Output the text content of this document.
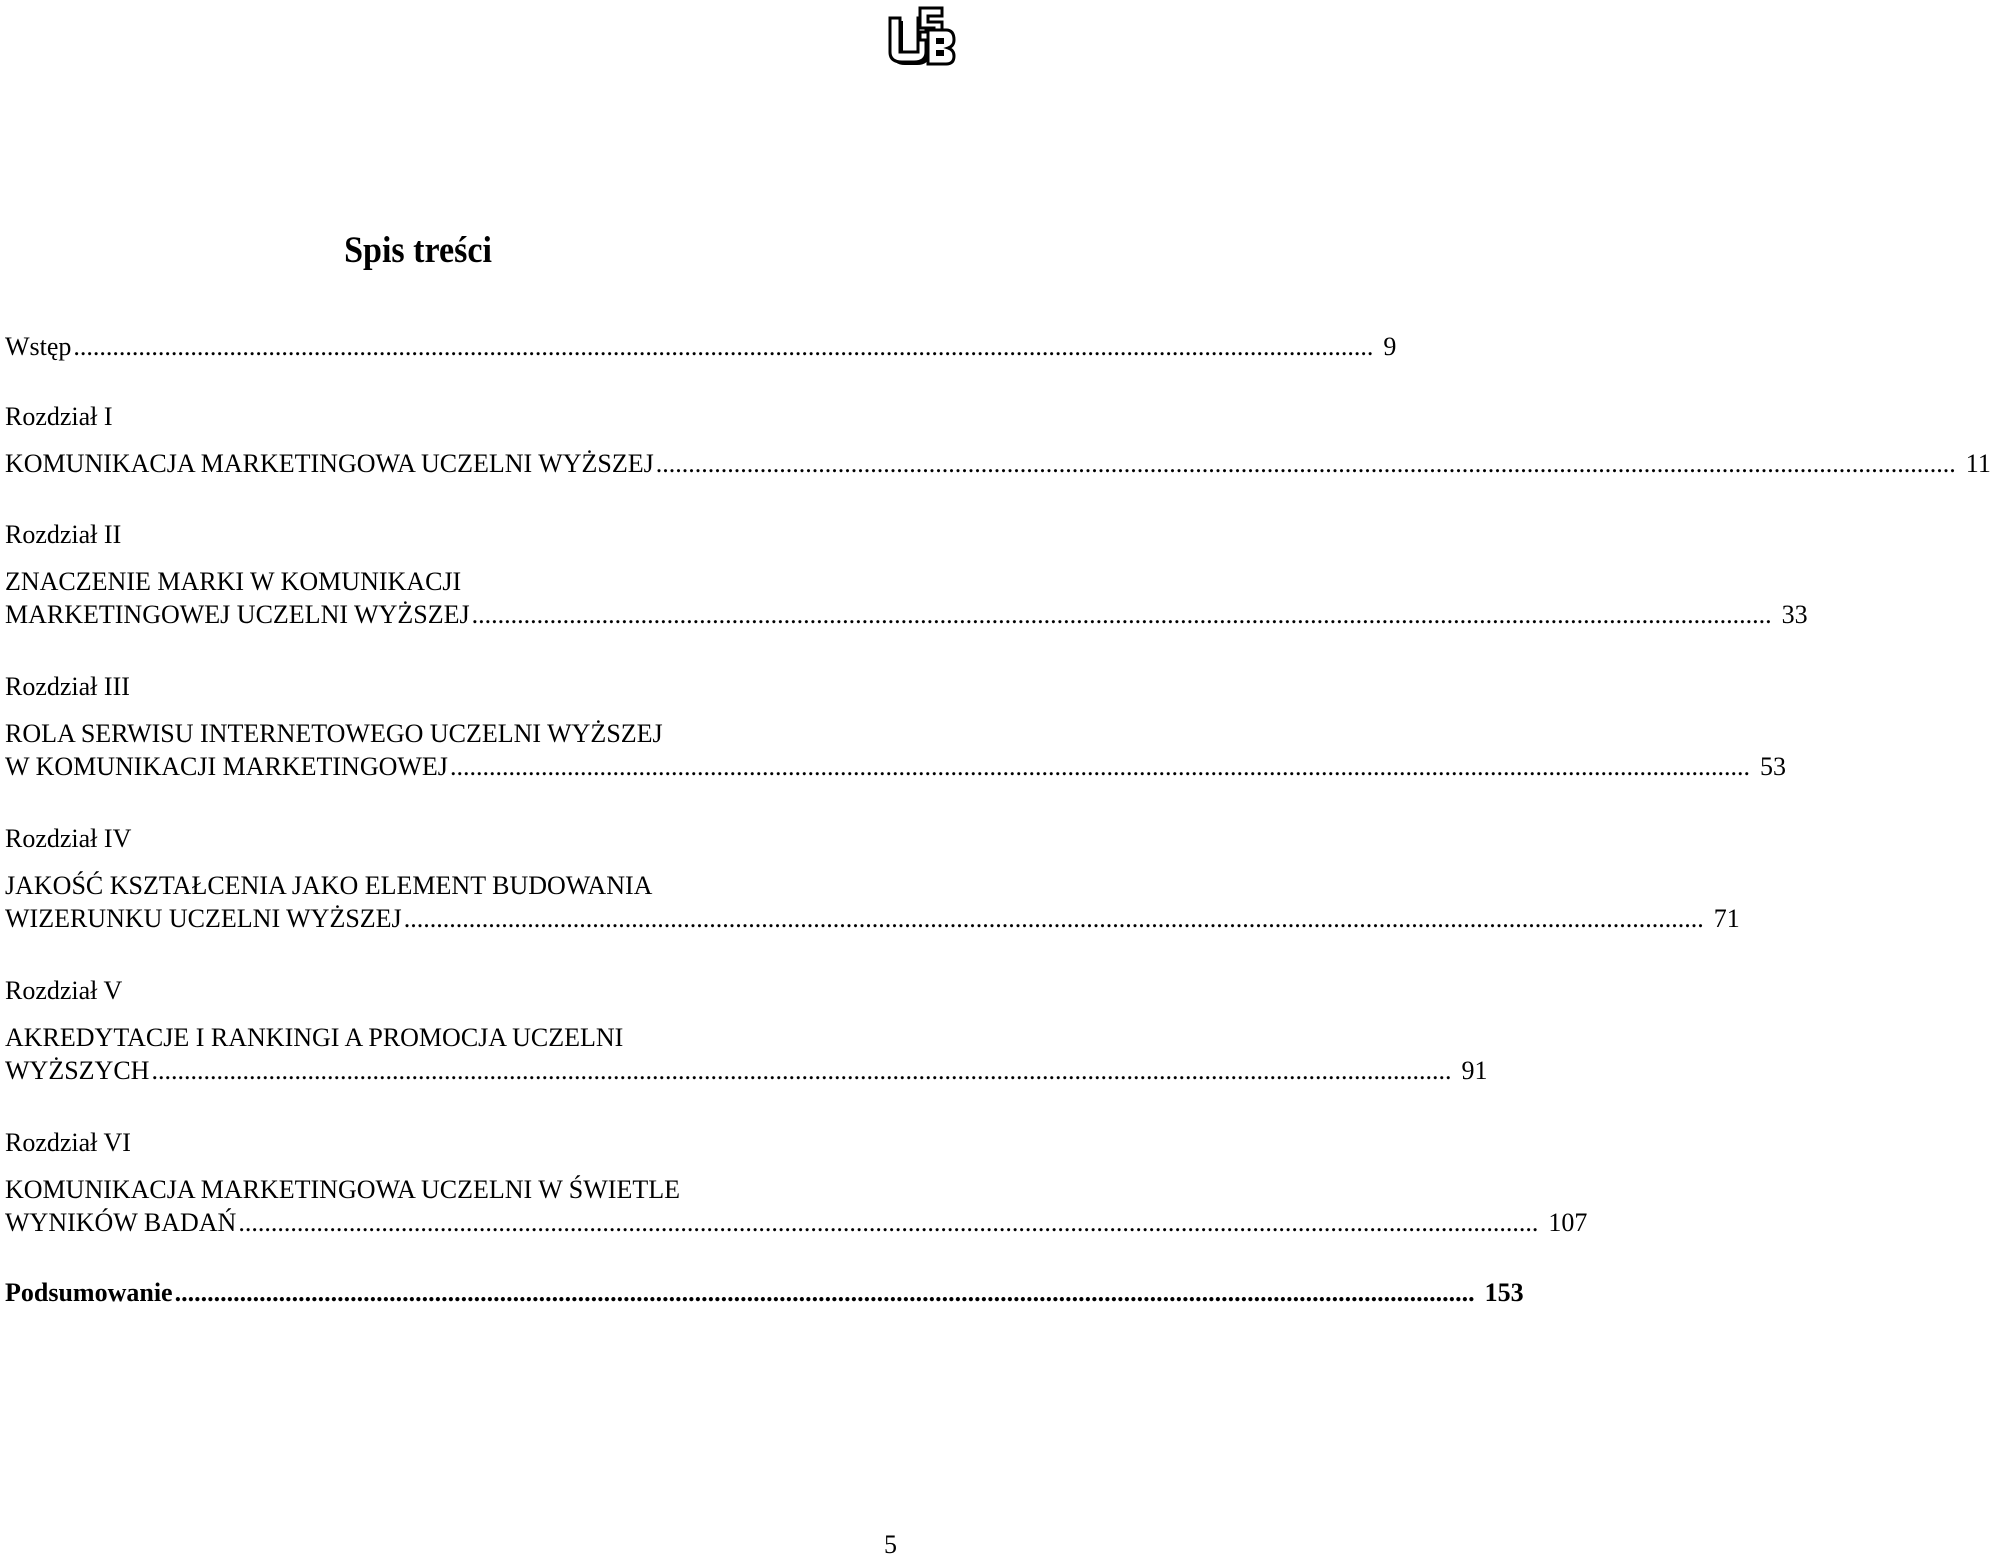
Spis treści
Wstęp ........................................................................................................................................................................................................ 9
Rozdział I
KOMUNIKACJA MARKETINGOWA UCZELNI WYŻSZEJ ........................................................................................................................................................................................................ 11
Rozdział II
ZNACZENIE MARKI W KOMUNIKACJI
MARKETINGOWEJ UCZELNI WYŻSZEJ ........................................................................................................................................................................................................ 33
Rozdział III
ROLA SERWISU INTERNETOWEGO UCZELNI WYŻSZEJ
W KOMUNIKACJI MARKETINGOWEJ ........................................................................................................................................................................................................ 53
Rozdział IV
JAKOŚĆ KSZTAŁCENIA JAKO ELEMENT BUDOWANIA
WIZERUNKU UCZELNI WYŻSZEJ ........................................................................................................................................................................................................ 71
Rozdział V
AKREDYTACJE I RANKINGI A PROMOCJA UCZELNI
WYŻSZYCH ........................................................................................................................................................................................................ 91
Rozdział VI
KOMUNIKACJA MARKETINGOWA UCZELNI W ŚWIETLE
WYNIKÓW BADAŃ ........................................................................................................................................................................................................ 107
Podsumowanie ........................................................................................................................................................................................................ 153
5
